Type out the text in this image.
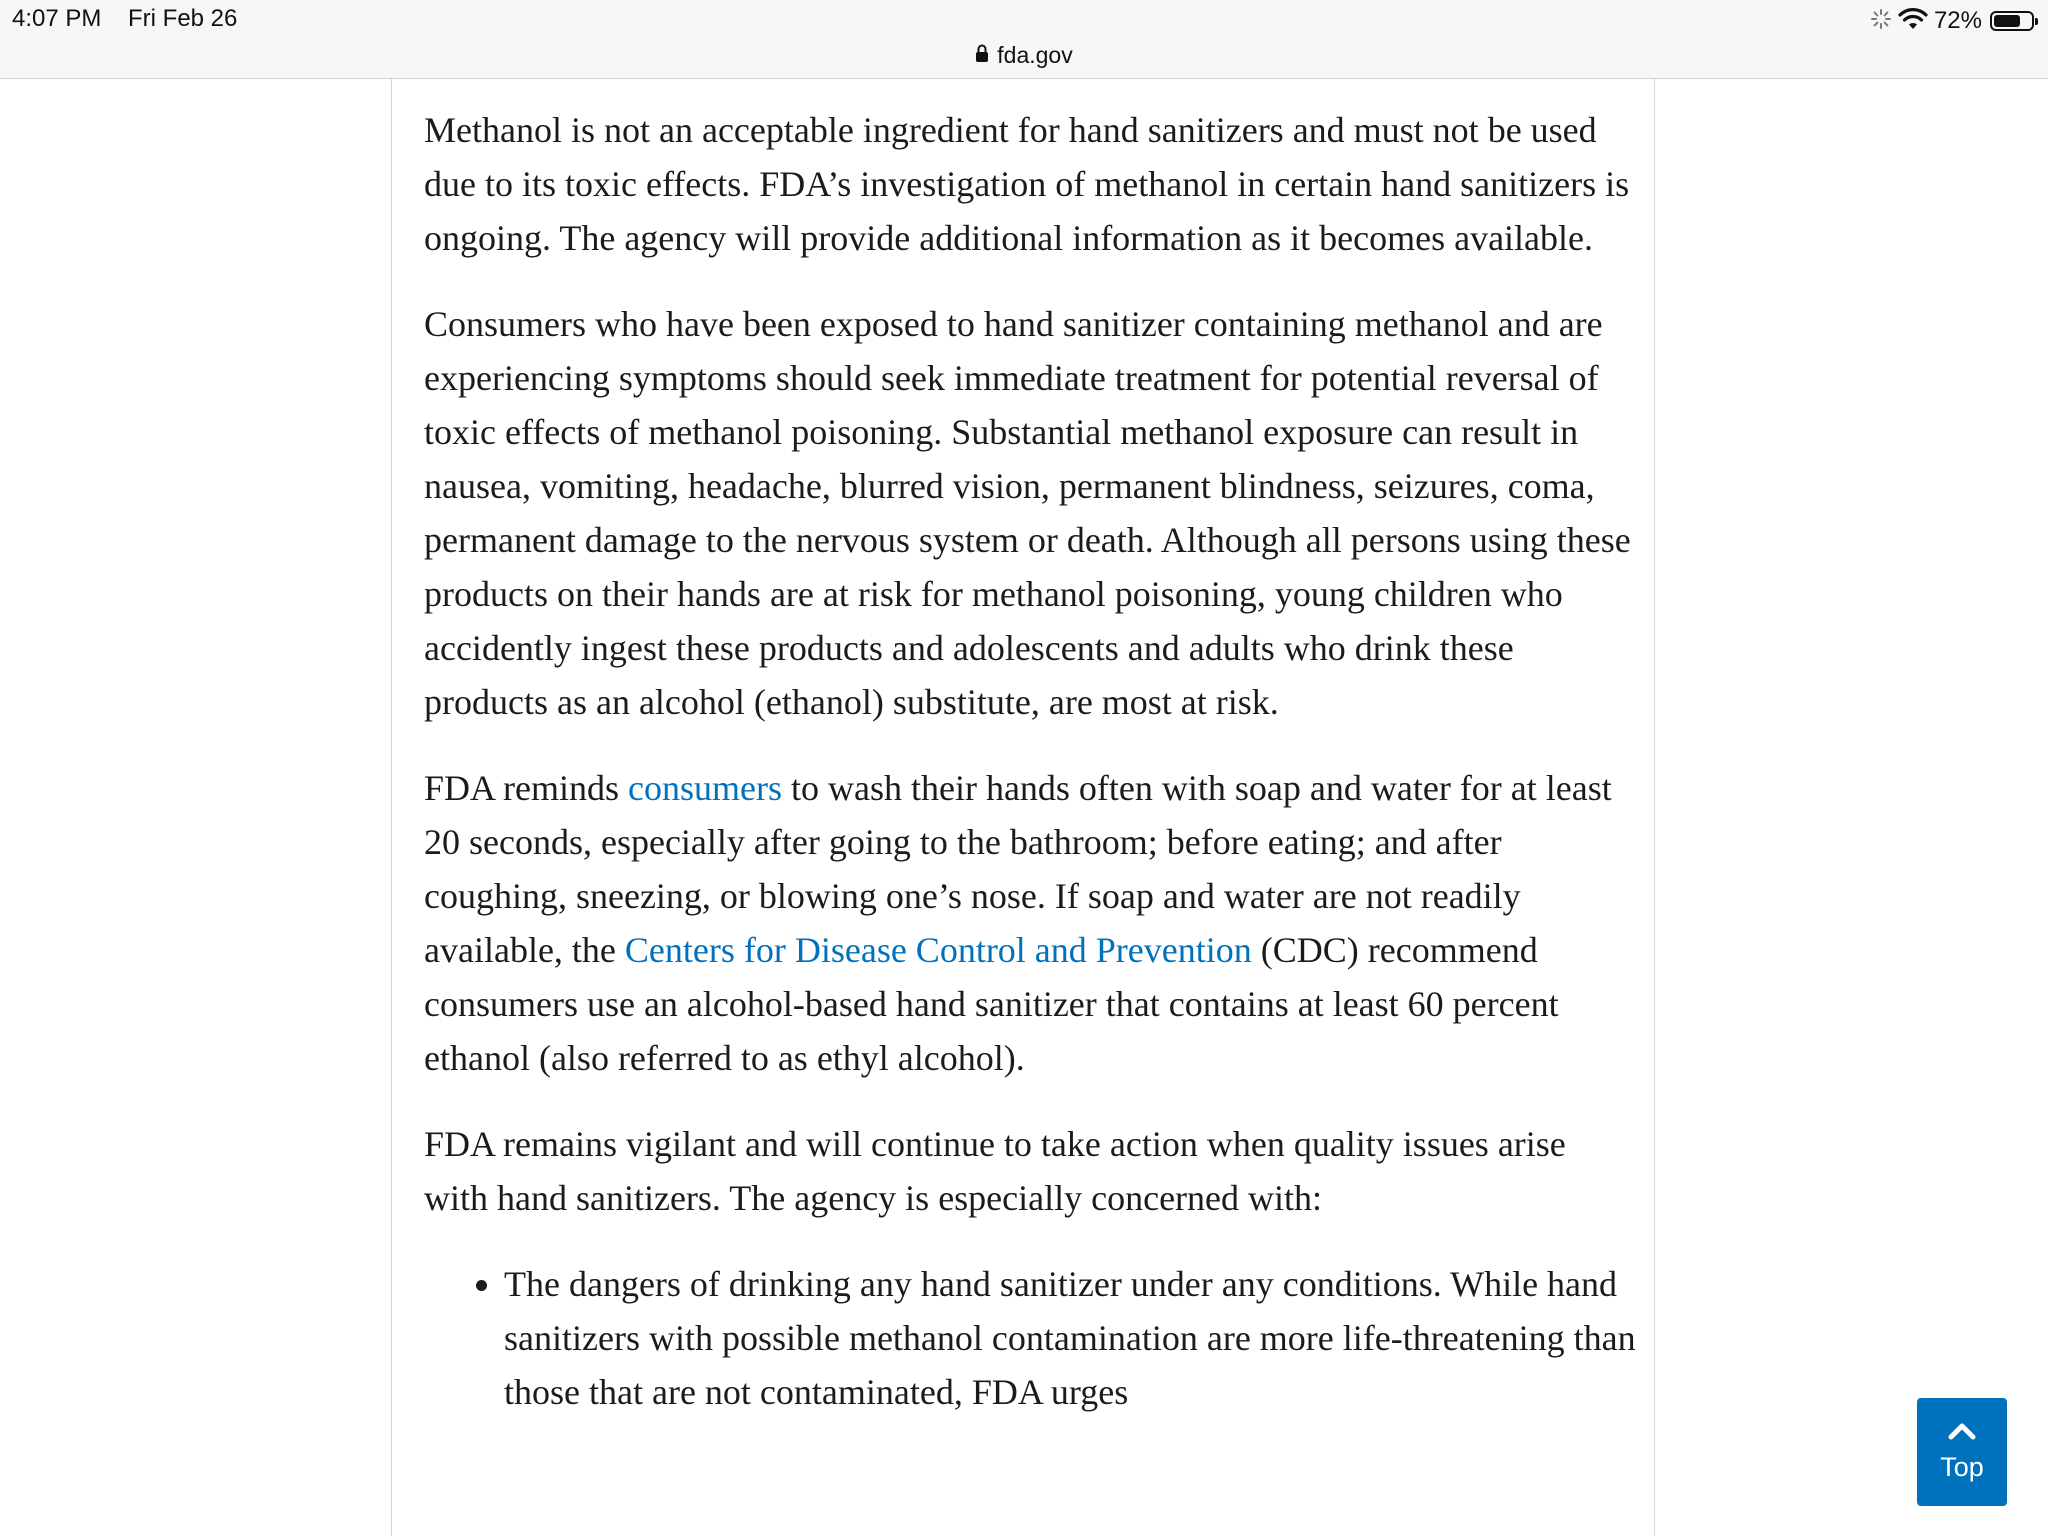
4:07 PM Fri Feb 26	72%
fda.gov

Methanol is not an acceptable ingredient for hand sanitizers and must not be used due to its toxic effects. FDA’s investigation of methanol in certain hand sanitizers is ongoing. The agency will provide additional information as it becomes available.

Consumers who have been exposed to hand sanitizer containing methanol and are experiencing symptoms should seek immediate treatment for potential reversal of toxic effects of methanol poisoning. Substantial methanol exposure can result in nausea, vomiting, headache, blurred vision, permanent blindness, seizures, coma, permanent damage to the nervous system or death. Although all persons using these products on their hands are at risk for methanol poisoning, young children who accidently ingest these products and adolescents and adults who drink these products as an alcohol (ethanol) substitute, are most at risk.

FDA reminds consumers to wash their hands often with soap and water for at least 20 seconds, especially after going to the bathroom; before eating; and after coughing, sneezing, or blowing one’s nose. If soap and water are not readily available, the Centers for Disease Control and Prevention (CDC) recommend consumers use an alcohol-based hand sanitizer that contains at least 60 percent ethanol (also referred to as ethyl alcohol).

FDA remains vigilant and will continue to take action when quality issues arise with hand sanitizers. The agency is especially concerned with:

• The dangers of drinking any hand sanitizer under any conditions. While hand sanitizers with possible methanol contamination are more life-threatening than those that are not contaminated, FDA urges
Top
